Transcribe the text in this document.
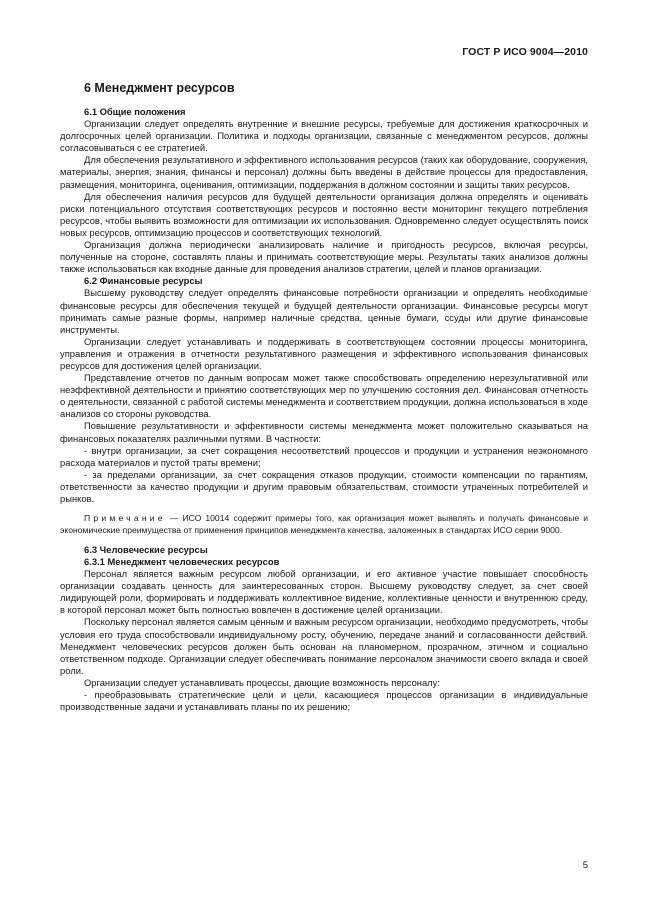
ГОСТ Р ИСО 9004—2010

6 Менеджмент ресурсов

6.1 Общие положения

Организации следует определять внутренние и внешние ресурсы, требуемые для достижения краткосрочных и долгосрочных целей организации. Политика и подходы организации, связанные с менеджментом ресурсов, должны согласовываться с ее стратегией.

Для обеспечения результативного и эффективного использования ресурсов (таких как оборудование, сооружения, материалы, энергия, знания, финансы и персонал) должны быть введены в действие процессы для предоставления, размещения, мониторинга, оценивания, оптимизации, поддержания в должном состоянии и защиты таких ресурсов.

Для обеспечения наличия ресурсов для будущей деятельности организация должна определять и оценивать риски потенциального отсутствия соответствующих ресурсов и постоянно вести мониторинг текущего потребления ресурсов, чтобы выявить возможности для оптимизации их использования. Одновременно следует осуществлять поиск новых ресурсов, оптимизацию процессов и соответствующих технологий.

Организация должна периодически анализировать наличие и пригодность ресурсов, включая ресурсы, полученные на стороне, составлять планы и принимать соответствующие меры. Результаты таких анализов должны также использоваться как входные данные для проведения анализов стратегии, целей и планов организации.

6.2 Финансовые ресурсы

Высшему руководству следует определять финансовые потребности организации и определять необходимые финансовые ресурсы для обеспечения текущей и будущей деятельности организации. Финансовые ресурсы могут принимать самые разные формы, например наличные средства, ценные бумаги, ссуды или другие финансовые инструменты.

Организации следует устанавливать и поддерживать в соответствующем состоянии процессы мониторинга, управления и отражения в отчетности результативного размещения и эффективного использования финансовых ресурсов для достижения целей организации.

Представление отчетов по данным вопросам может также способствовать определению нерезультативной или неэффективной деятельности и принятию соответствующих мер по улучшению состояния дел. Финансовая отчетность о деятельности, связанной с работой системы менеджмента и соответствием продукции, должна использоваться в ходе анализов со стороны руководства.

Повышение результативности и эффективности системы менеджмента может положительно сказываться на финансовых показателях различными путями. В частности:

- внутри организации, за счет сокращения несоответствий процессов и продукции и устранения неэкономного расхода материалов и пустой траты времени;

- за пределами организации, за счет сокращения отказов продукции, стоимости компенсации по гарантиям, ответственности за качество продукции и другим правовым обязательствам, стоимости утраченных потребителей и рынков.

Примечание — ИСО 10014 содержит примеры того, как организация может выявлять и получать финансовые и экономические преимущества от применения принципов менеджмента качества, заложенных в стандартах ИСО серии 9000.

6.3 Человеческие ресурсы

6.3.1 Менеджмент человеческих ресурсов

Персонал является важным ресурсом любой организации, и его активное участие повышает способность организации создавать ценность для заинтересованных сторон. Высшему руководству следует, за счет своей лидирующей роли, формировать и поддерживать коллективное видение, коллективные ценности и внутреннюю среду, в которой персонал может быть полностью вовлечен в достижение целей организации.

Поскольку персонал является самым ценным и важным ресурсом организации, необходимо предусмотреть, чтобы условия его труда способствовали индивидуальному росту, обучению, передаче знаний и согласованности действий. Менеджмент человеческих ресурсов должен быть основан на планомерном, прозрачном, этичном и социально ответственном подходе. Организации следует обеспечивать понимание персоналом значимости своего вклада и своей роли.

Организации следует устанавливать процессы, дающие возможность персоналу:

- преобразовывать стратегические цели и цели, касающиеся процессов организации в индивидуальные производственные задачи и устанавливать планы по их решению;

5
